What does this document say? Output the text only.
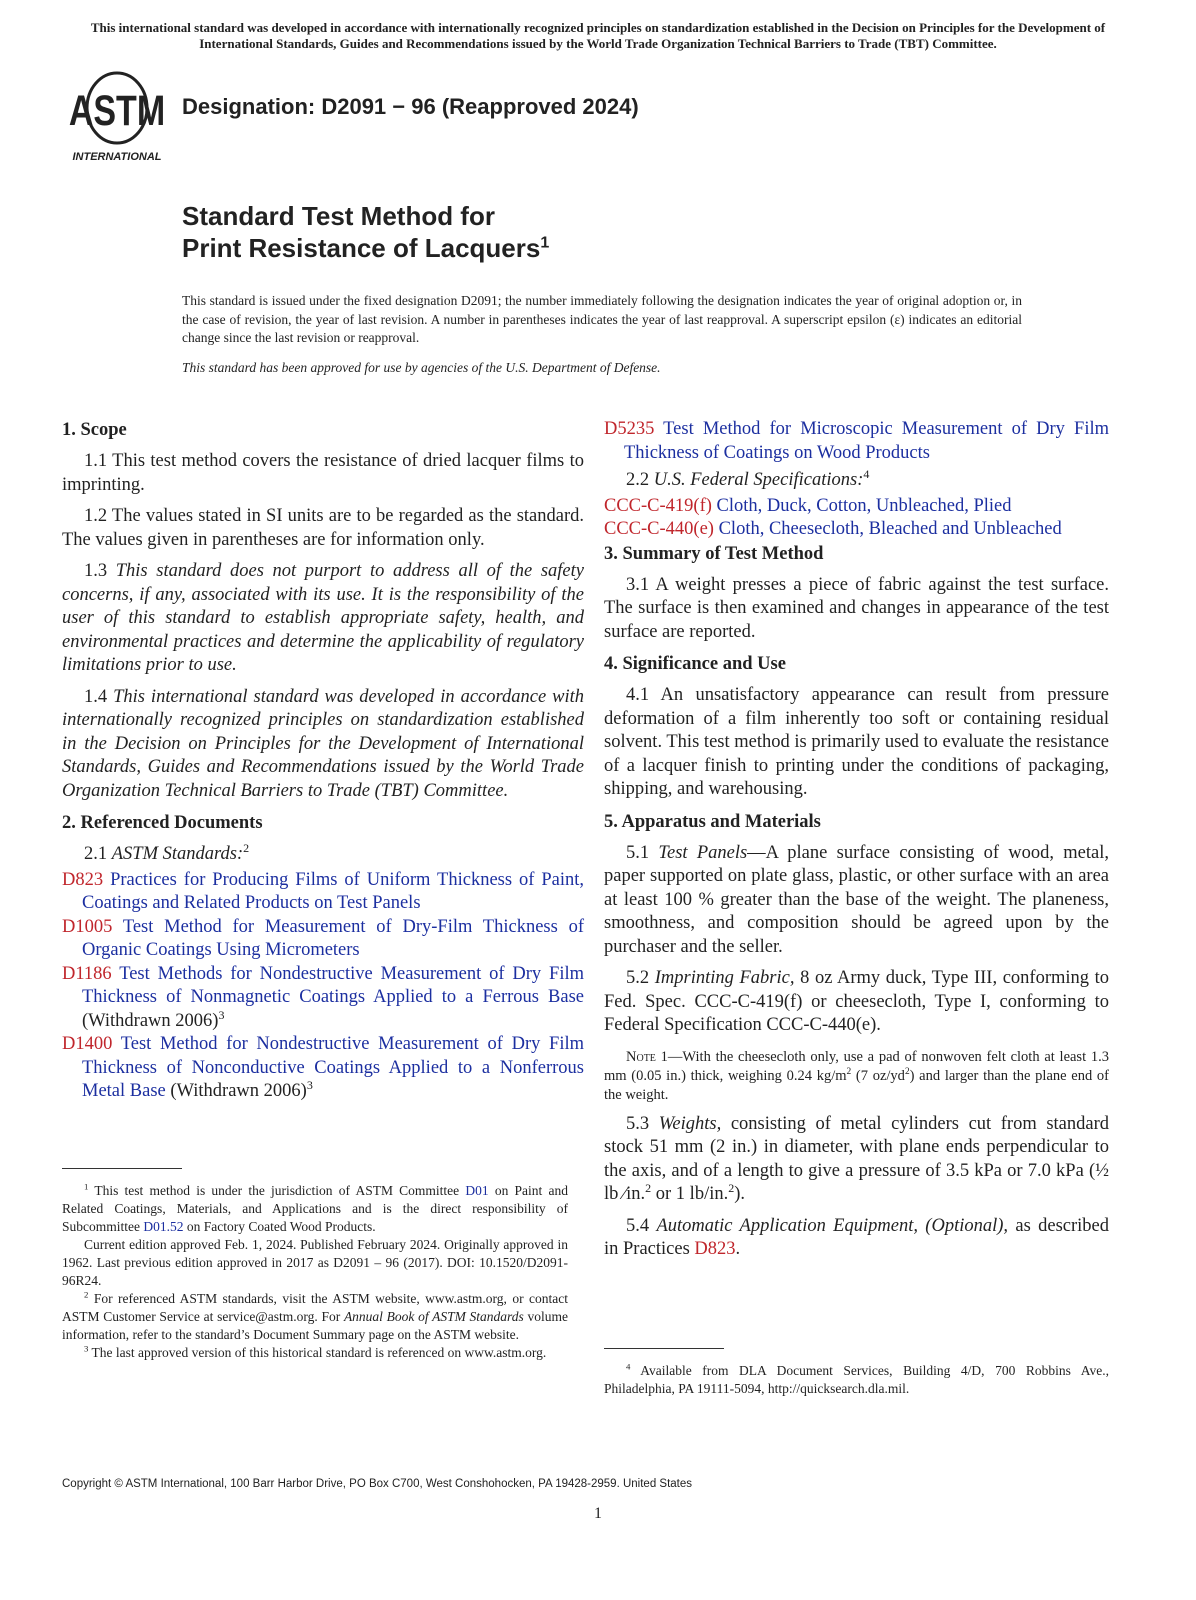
This international standard was developed in accordance with internationally recognized principles on standardization established in the Decision on Principles for the Development of International Standards, Guides and Recommendations issued by the World Trade Organization Technical Barriers to Trade (TBT) Committee.
ASTM
INTERNATIONAL
Designation: D2091 − 96 (Reapproved 2024)
Standard Test Method for
Print Resistance of Lacquers$^1$
This standard is issued under the fixed designation D2091; the number immediately following the designation indicates the year of original adoption or, in the case of revision, the year of last revision. A number in parentheses indicates the year of last reapproval. A superscript epsilon (ε) indicates an editorial change since the last revision or reapproval.
This standard has been approved for use by agencies of the U.S. Department of Defense.
1. Scope

1.1 This test method covers the resistance of dried lacquer films to imprinting.

1.2 The values stated in SI units are to be regarded as the standard. The values given in parentheses are for information only.

1.3 This standard does not purport to address all of the safety concerns, if any, associated with its use. It is the responsibility of the user of this standard to establish appropriate safety, health, and environmental practices and determine the applicability of regulatory limitations prior to use.

1.4 This international standard was developed in accordance with internationally recognized principles on standardization established in the Decision on Principles for the Development of International Standards, Guides and Recommendations issued by the World Trade Organization Technical Barriers to Trade (TBT) Committee.

2. Referenced Documents

2.1 ASTM Standards:$^2$

D823 Practices for Producing Films of Uniform Thickness of Paint, Coatings and Related Products on Test Panels

D1005 Test Method for Measurement of Dry-Film Thickness of Organic Coatings Using Micrometers

D1186 Test Methods for Nondestructive Measurement of Dry Film Thickness of Nonmagnetic Coatings Applied to a Ferrous Base (Withdrawn 2006)$^3$

D1400 Test Method for Nondestructive Measurement of Dry Film Thickness of Nonconductive Coatings Applied to a Nonferrous Metal Base (Withdrawn 2006)$^3$

$^1$ This test method is under the jurisdiction of ASTM Committee D01 on Paint and Related Coatings, Materials, and Applications and is the direct responsibility of Subcommittee D01.52 on Factory Coated Wood Products.

Current edition approved Feb. 1, 2024. Published February 2024. Originally approved in 1962. Last previous edition approved in 2017 as D2091 – 96 (2017). DOI: 10.1520/D2091-96R24.

$^2$ For referenced ASTM standards, visit the ASTM website, www.astm.org, or contact ASTM Customer Service at service@astm.org. For Annual Book of ASTM Standards volume information, refer to the standard’s Document Summary page on the ASTM website.

$^3$ The last approved version of this historical standard is referenced on www.astm.org.

D5235 Test Method for Microscopic Measurement of Dry Film Thickness of Coatings on Wood Products

2.2 U.S. Federal Specifications:$^4$

CCC-C-419(f) Cloth, Duck, Cotton, Unbleached, Plied

CCC-C-440(e) Cloth, Cheesecloth, Bleached and Unbleached

3. Summary of Test Method

3.1 A weight presses a piece of fabric against the test surface. The surface is then examined and changes in appearance of the test surface are reported.

4. Significance and Use

4.1 An unsatisfactory appearance can result from pressure deformation of a film inherently too soft or containing residual solvent. This test method is primarily used to evaluate the resistance of a lacquer finish to printing under the conditions of packaging, shipping, and warehousing.

5. Apparatus and Materials

5.1 Test Panels—A plane surface consisting of wood, metal, paper supported on plate glass, plastic, or other surface with an area at least 100 % greater than the base of the weight. The planeness, smoothness, and composition should be agreed upon by the purchaser and the seller.

5.2 Imprinting Fabric, 8 oz Army duck, Type III, conforming to Fed. Spec. CCC-C-419(f) or cheesecloth, Type I, conforming to Federal Specification CCC-C-440(e).

Note 1—With the cheesecloth only, use a pad of nonwoven felt cloth at least 1.3 mm (0.05 in.) thick, weighing 0.24 $kg/m^2$ (7 $oz/yd^2$) and larger than the plane end of the weight.

5.3 Weights, consisting of metal cylinders cut from standard stock 51 mm (2 in.) in diameter, with plane ends perpendicular to the axis, and of a length to give a pressure of 3.5 kPa or 7.0 kPa (½ lb ⁄in.$^2$ or 1 lb/in.$^2$).

5.4 Automatic Application Equipment, (Optional), as described in Practices D823.

$^4$ Available from DLA Document Services, Building 4/D, 700 Robbins Ave., Philadelphia, PA 19111-5094, http://quicksearch.dla.mil.

Copyright © ASTM International, 100 Barr Harbor Drive, PO Box C700, West Conshohocken, PA 19428-2959. United States
1
